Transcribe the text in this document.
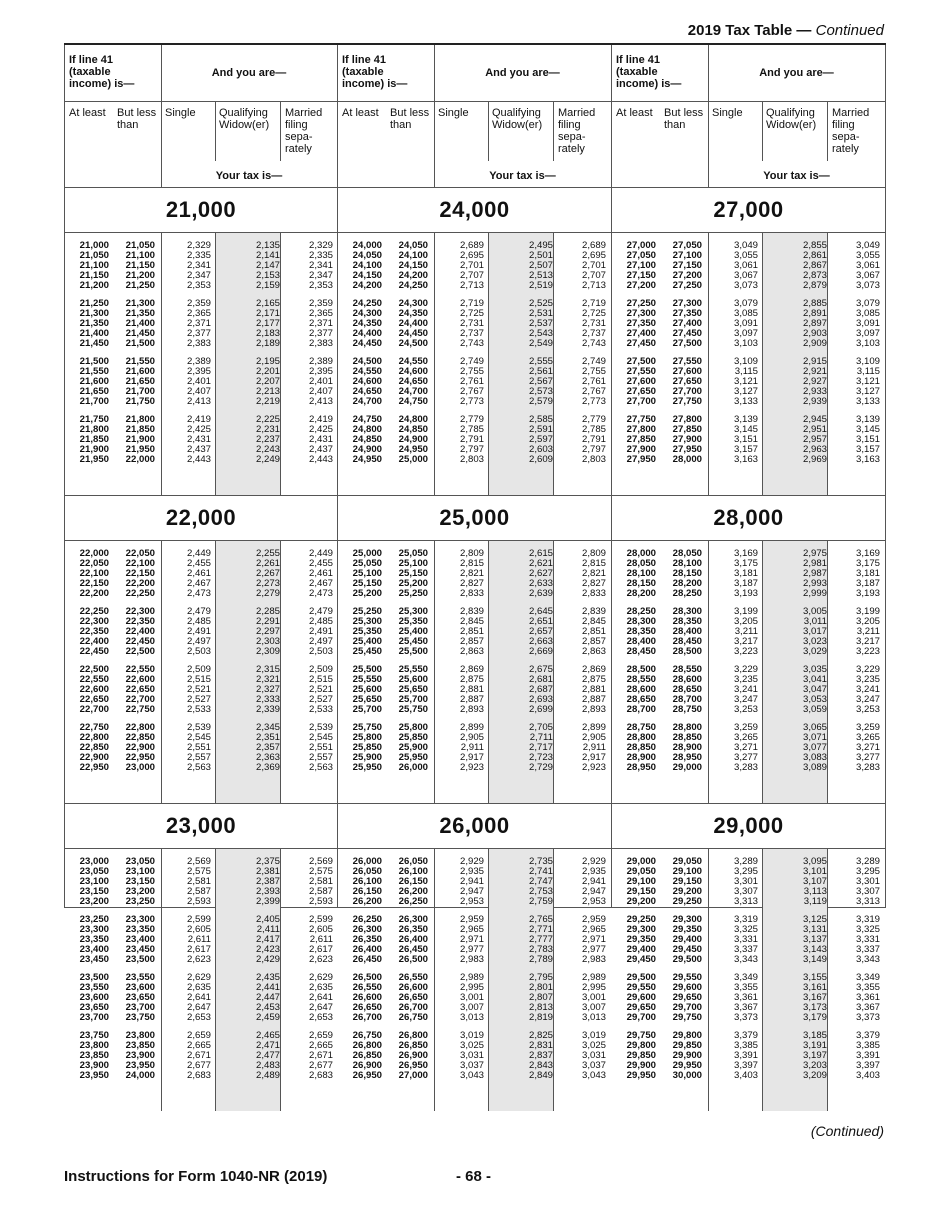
2019 Tax Table — Continued
If line 41 (taxable income) is—
And you are—
At least But less than
Single	Qualifying Widow(er)
Married filing sepa-rately
Your tax is—
21,000
21,000	21,050	2,329	2,135	2,329
21,050	21,100	2,335	2,141	2,335
21,100	21,150	2,341	2,147	2,341
21,150	21,200	2,347	2,153	2,347
21,200	21,250	2,353	2,159	2,353
21,250	21,300	2,359	2,165	2,359
21,300	21,350	2,365	2,171	2,365
21,350	21,400	2,371	2,177	2,371
21,400	21,450	2,377	2,183	2,377
21,450	21,500	2,383	2,189	2,383
21,500	21,550	2,389	2,195	2,389
21,550	21,600	2,395	2,201	2,395
21,600	21,650	2,401	2,207	2,401
21,650	21,700	2,407	2,213	2,407
21,700	21,750	2,413	2,219	2,413
21,750	21,800	2,419	2,225	2,419
21,800	21,850	2,425	2,231	2,425
21,850	21,900	2,431	2,237	2,431
21,900	21,950	2,437	2,243	2,437
21,950	22,000	2,443	2,249	2,443
22,000
22,000	22,050	2,449	2,255	2,449
22,050	22,100	2,455	2,261	2,455
22,100	22,150	2,461	2,267	2,461
22,150	22,200	2,467	2,273	2,467
22,200	22,250	2,473	2,279	2,473
22,250	22,300	2,479	2,285	2,479
22,300	22,350	2,485	2,291	2,485
22,350	22,400	2,491	2,297	2,491
22,400	22,450	2,497	2,303	2,497
22,450	22,500	2,503	2,309	2,503
22,500	22,550	2,509	2,315	2,509
22,550	22,600	2,515	2,321	2,515
22,600	22,650	2,521	2,327	2,521
22,650	22,700	2,527	2,333	2,527
22,700	22,750	2,533	2,339	2,533
22,750	22,800	2,539	2,345	2,539
22,800	22,850	2,545	2,351	2,545
22,850	22,900	2,551	2,357	2,551
22,900	22,950	2,557	2,363	2,557
22,950	23,000	2,563	2,369	2,563
23,000
23,000	23,050	2,569	2,375	2,569
23,050	23,100	2,575	2,381	2,575
23,100	23,150	2,581	2,387	2,581
23,150	23,200	2,587	2,393	2,587
23,200	23,250	2,593	2,399	2,593
23,250	23,300	2,599	2,405	2,599
23,300	23,350	2,605	2,411	2,605
23,350	23,400	2,611	2,417	2,611
23,400	23,450	2,617	2,423	2,617
23,450	23,500	2,623	2,429	2,623
23,500	23,550	2,629	2,435	2,629
23,550	23,600	2,635	2,441	2,635
23,600	23,650	2,641	2,447	2,641
23,650	23,700	2,647	2,453	2,647
23,700	23,750	2,653	2,459	2,653
23,750	23,800	2,659	2,465	2,659
23,800	23,850	2,665	2,471	2,665
23,850	23,900	2,671	2,477	2,671
23,900	23,950	2,677	2,483	2,677
23,950	24,000	2,683	2,489	2,683
If line 41 (taxable income) is—
And you are—
At least But less than
Single	Qualifying Widow(er)
Married filing sepa-rately
Your tax is—
24,000
24,000	24,050	2,689	2,495	2,689
24,050	24,100	2,695	2,501	2,695
24,100	24,150	2,701	2,507	2,701
24,150	24,200	2,707	2,513	2,707
24,200	24,250	2,713	2,519	2,713
24,250	24,300	2,719	2,525	2,719
24,300	24,350	2,725	2,531	2,725
24,350	24,400	2,731	2,537	2,731
24,400	24,450	2,737	2,543	2,737
24,450	24,500	2,743	2,549	2,743
24,500	24,550	2,749	2,555	2,749
24,550	24,600	2,755	2,561	2,755
24,600	24,650	2,761	2,567	2,761
24,650	24,700	2,767	2,573	2,767
24,700	24,750	2,773	2,579	2,773
24,750	24,800	2,779	2,585	2,779
24,800	24,850	2,785	2,591	2,785
24,850	24,900	2,791	2,597	2,791
24,900	24,950	2,797	2,603	2,797
24,950	25,000	2,803	2,609	2,803
25,000
25,000	25,050	2,809	2,615	2,809
25,050	25,100	2,815	2,621	2,815
25,100	25,150	2,821	2,627	2,821
25,150	25,200	2,827	2,633	2,827
25,200	25,250	2,833	2,639	2,833
25,250	25,300	2,839	2,645	2,839
25,300	25,350	2,845	2,651	2,845
25,350	25,400	2,851	2,657	2,851
25,400	25,450	2,857	2,663	2,857
25,450	25,500	2,863	2,669	2,863
25,500	25,550	2,869	2,675	2,869
25,550	25,600	2,875	2,681	2,875
25,600	25,650	2,881	2,687	2,881
25,650	25,700	2,887	2,693	2,887
25,700	25,750	2,893	2,699	2,893
25,750	25,800	2,899	2,705	2,899
25,800	25,850	2,905	2,711	2,905
25,850	25,900	2,911	2,717	2,911
25,900	25,950	2,917	2,723	2,917
25,950	26,000	2,923	2,729	2,923
26,000
26,000	26,050	2,929	2,735	2,929
26,050	26,100	2,935	2,741	2,935
26,100	26,150	2,941	2,747	2,941
26,150	26,200	2,947	2,753	2,947
26,200	26,250	2,953	2,759	2,953
26,250	26,300	2,959	2,765	2,959
26,300	26,350	2,965	2,771	2,965
26,350	26,400	2,971	2,777	2,971
26,400	26,450	2,977	2,783	2,977
26,450	26,500	2,983	2,789	2,983
26,500	26,550	2,989	2,795	2,989
26,550	26,600	2,995	2,801	2,995
26,600	26,650	3,001	2,807	3,001
26,650	26,700	3,007	2,813	3,007
26,700	26,750	3,013	2,819	3,013
26,750	26,800	3,019	2,825	3,019
26,800	26,850	3,025	2,831	3,025
26,850	26,900	3,031	2,837	3,031
26,900	26,950	3,037	2,843	3,037
26,950	27,000	3,043	2,849	3,043
If line 41 (taxable income) is—
And you are—
At least But less than
Single	Qualifying Widow(er)
Married filing sepa-rately
Your tax is—
27,000
27,000	27,050	3,049	2,855	3,049
27,050	27,100	3,055	2,861	3,055
27,100	27,150	3,061	2,867	3,061
27,150	27,200	3,067	2,873	3,067
27,200	27,250	3,073	2,879	3,073
27,250	27,300	3,079	2,885	3,079
27,300	27,350	3,085	2,891	3,085
27,350	27,400	3,091	2,897	3,091
27,400	27,450	3,097	2,903	3,097
27,450	27,500	3,103	2,909	3,103
27,500	27,550	3,109	2,915	3,109
27,550	27,600	3,115	2,921	3,115
27,600	27,650	3,121	2,927	3,121
27,650	27,700	3,127	2,933	3,127
27,700	27,750	3,133	2,939	3,133
27,750	27,800	3,139	2,945	3,139
27,800	27,850	3,145	2,951	3,145
27,850	27,900	3,151	2,957	3,151
27,900	27,950	3,157	2,963	3,157
27,950	28,000	3,163	2,969	3,163
28,000
28,000	28,050	3,169	2,975	3,169
28,050	28,100	3,175	2,981	3,175
28,100	28,150	3,181	2,987	3,181
28,150	28,200	3,187	2,993	3,187
28,200	28,250	3,193	2,999	3,193
28,250	28,300	3,199	3,005	3,199
28,300	28,350	3,205	3,011	3,205
28,350	28,400	3,211	3,017	3,211
28,400	28,450	3,217	3,023	3,217
28,450	28,500	3,223	3,029	3,223
28,500	28,550	3,229	3,035	3,229
28,550	28,600	3,235	3,041	3,235
28,600	28,650	3,241	3,047	3,241
28,650	28,700	3,247	3,053	3,247
28,700	28,750	3,253	3,059	3,253
28,750	28,800	3,259	3,065	3,259
28,800	28,850	3,265	3,071	3,265
28,850	28,900	3,271	3,077	3,271
28,900	28,950	3,277	3,083	3,277
28,950	29,000	3,283	3,089	3,283
29,000
29,000	29,050	3,289	3,095	3,289
29,050	29,100	3,295	3,101	3,295
29,100	29,150	3,301	3,107	3,301
29,150	29,200	3,307	3,113	3,307
29,200	29,250	3,313	3,119	3,313
29,250	29,300	3,319	3,125	3,319
29,300	29,350	3,325	3,131	3,325
29,350	29,400	3,331	3,137	3,331
29,400	29,450	3,337	3,143	3,337
29,450	29,500	3,343	3,149	3,343
29,500	29,550	3,349	3,155	3,349
29,550	29,600	3,355	3,161	3,355
29,600	29,650	3,361	3,167	3,361
29,650	29,700	3,367	3,173	3,367
29,700	29,750	3,373	3,179	3,373
29,750	29,800	3,379	3,185	3,379
29,800	29,850	3,385	3,191	3,385
29,850	29,900	3,391	3,197	3,391
29,900	29,950	3,397	3,203	3,397
29,950	30,000	3,403	3,209	3,403
(Continued)
Instructions for Form 1040-NR (2019)	- 68 -
